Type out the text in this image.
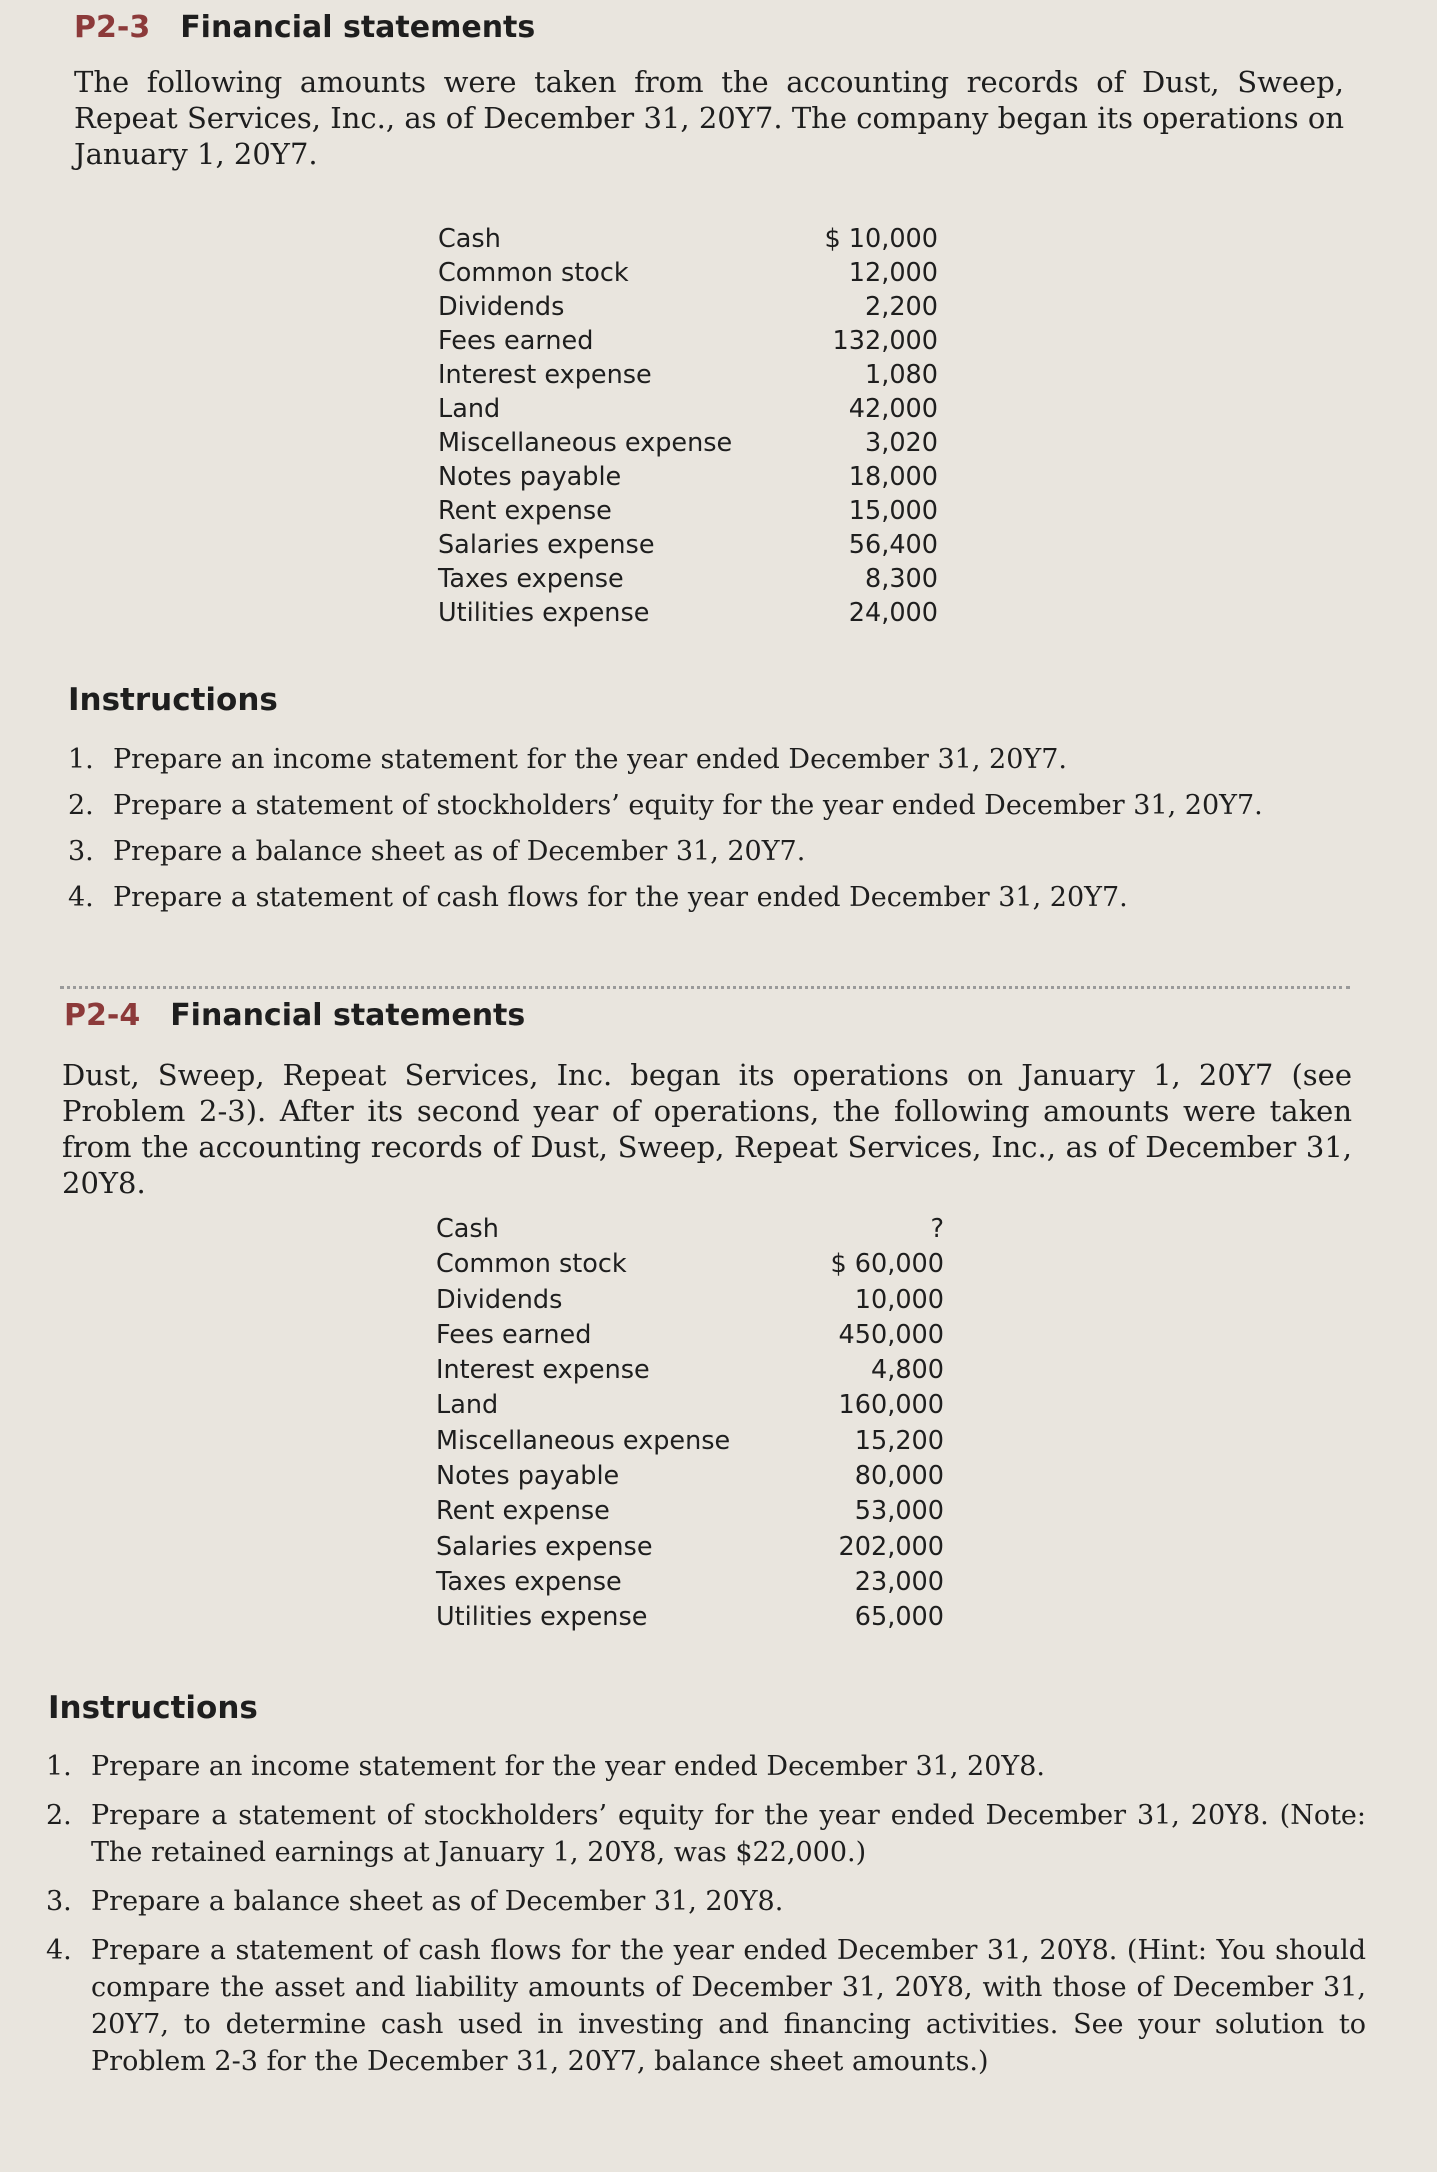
P2-3 Financial statements
The following amounts were taken from the accounting records of Dust, Sweep, Repeat Services, Inc., as of December 31, 20Y7. The company began its operations on January 1, 20Y7.
Cash	$ 10,000
Common stock	12,000
Dividends	2,200
Fees earned	132,000
Interest expense	1,080
Land	42,000
Miscellaneous expense	3,020
Notes payable	18,000
Rent expense	15,000
Salaries expense	56,400
Taxes expense	8,300
Utilities expense	24,000
Instructions
1. Prepare an income statement for the year ended December 31, 20Y7.
2. Prepare a statement of stockholders’ equity for the year ended December 31, 20Y7.
3. Prepare a balance sheet as of December 31, 20Y7.
4. Prepare a statement of cash flows for the year ended December 31, 20Y7.
P2-4 Financial statements
Dust, Sweep, Repeat Services, Inc. began its operations on January 1, 20Y7 (see Problem 2-3). After its second year of operations, the following amounts were taken from the accounting records of Dust, Sweep, Repeat Services, Inc., as of December 31, 20Y8.
Cash	?
Common stock	$ 60,000
Dividends	10,000
Fees earned	450,000
Interest expense	4,800
Land	160,000
Miscellaneous expense	15,200
Notes payable	80,000
Rent expense	53,000
Salaries expense	202,000
Taxes expense	23,000
Utilities expense	65,000
Instructions
1. Prepare an income statement for the year ended December 31, 20Y8.
2. Prepare a statement of stockholders’ equity for the year ended December 31, 20Y8. (Note: The retained earnings at January 1, 20Y8, was $22,000.)
3. Prepare a balance sheet as of December 31, 20Y8.
4. Prepare a statement of cash flows for the year ended December 31, 20Y8. (Hint: You should compare the asset and liability amounts of December 31, 20Y8, with those of December 31, 20Y7, to determine cash used in investing and financing activities. See your solution to Problem 2-3 for the December 31, 20Y7, balance sheet amounts.)
